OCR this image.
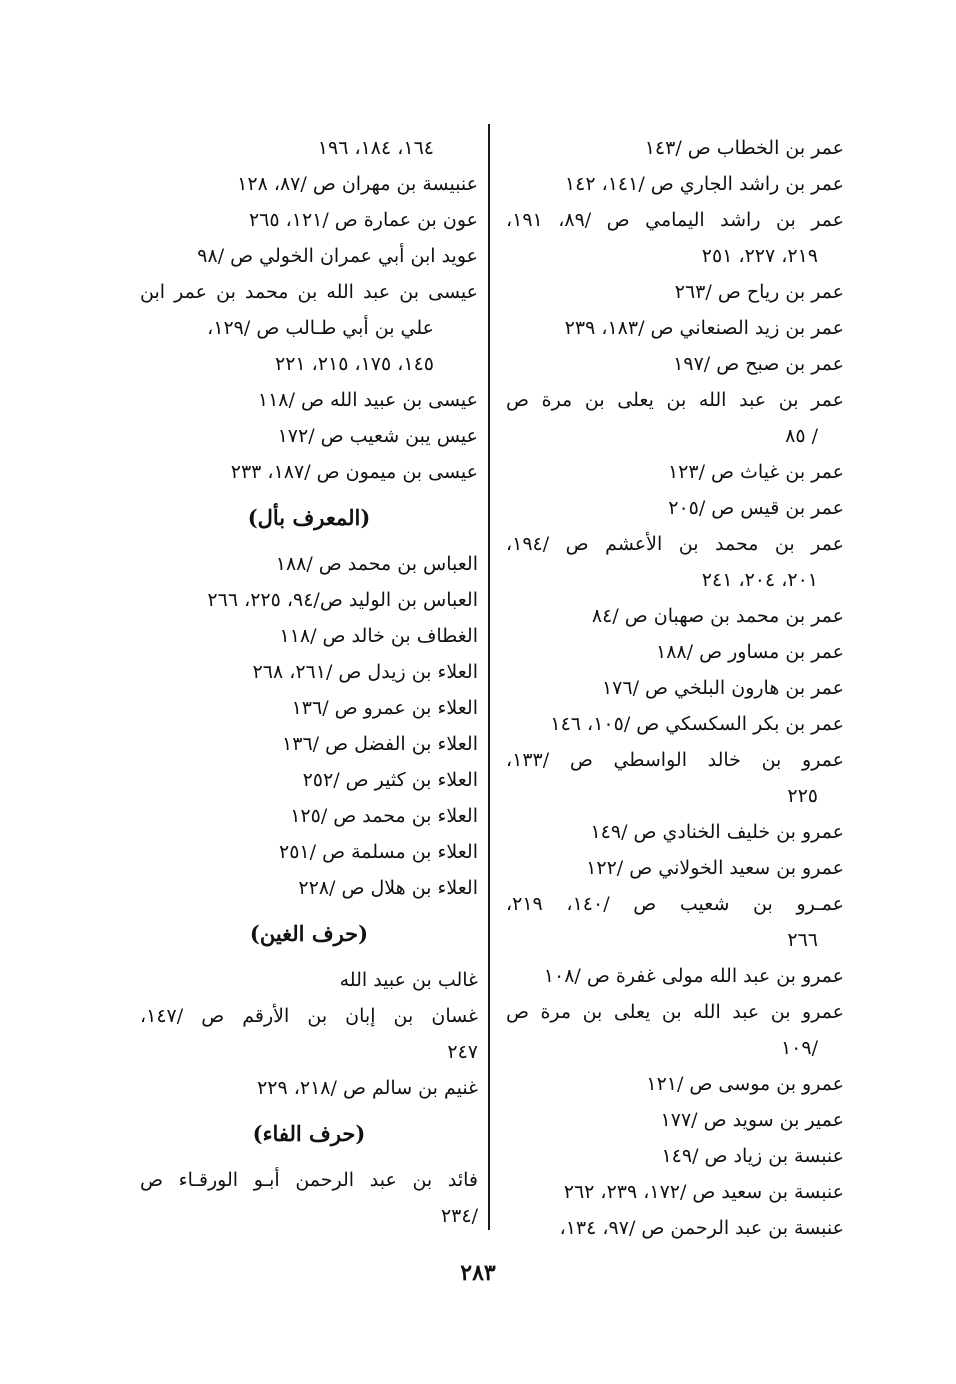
عمر بن الخطاب ص /١٤٣
عمر بن راشد الجاري ص /١٤١، ١٤٢
عمر بن راشد اليمامي ص /٨٩، ١٩١،
٢١٩، ٢٢٧، ٢٥١
عمر بن رياح ص /٢٦٣
عمر بن زيد الصنعاني ص /١٨٣، ٢٣٩
عمر بن صبح ص /١٩٧
عمر بن عبد الله بن يعلى بن مرة ص
/ ٨٥
عمر بن غياث ص /١٢٣
عمر بن قيس ص /٢٠٥
عمر بن محمد بن الأعشم ص /١٩٤،
٢٠١، ٢٠٤، ٢٤١
عمر بن محمد بن صهبان ص /٨٤
عمر بن مساور ص /١٨٨
عمر بن هارون البلخي ص /١٧٦
عمر بن بكر السكسكي ص /١٠٥، ١٤٦
عمرو بن خالد الواسطي ص /١٣٣،
٢٢٥
عمرو بن خليف الخنادي ص /١٤٩
عمرو بن سعيد الخولاني ص /١٢٢
عمـرو بن شعيب ص /١٤٠، ٢١٩،
٢٦٦
عمرو بن عبد الله مولى غفرة ص /١٠٨
عمرو بن عبد الله بن يعلى بن مرة ص
/١٠٩
عمرو بن موسى ص /١٢١
عمير بن سويد ص /١٧٧
عنبسة بن زياد ص /١٤٩
عنبسة بن سعيد ص /١٧٢، ٢٣٩، ٢٦٢
عنبسة بن عبد الرحمن ص /٩٧، ١٣٤،
١٦٤، ١٨٤، ١٩٦
عنبيسة بن مهران ص /٨٧، ١٢٨
عون بن عمارة ص /١٢١، ٢٦٥
عويد ابن أبي عمران الخولي ص /٩٨
عيسى بن عبد الله بن محمد بن عمر ابن
علي بن أبي طـالب ص /١٢٩،
١٤٥، ١٧٥، ٢١٥، ٢٢١
عيسى بن عبيد الله ص /١١٨
عيس يبن شعيب ص /١٧٢
عيسى بن ميمون ص /١٨٧، ٢٣٣
(المعرف بأل)
العباس بن محمد ص /١٨٨
العباس بن الوليد ص/٩٤، ٢٢٥، ٢٦٦
الغطاف بن خالد ص /١١٨
العلاء بن زيدل ص /٢٦١، ٢٦٨
العلاء بن عمرو ص /١٣٦
العلاء بن الفضل ص /١٣٦
العلاء بن كثير ص /٢٥٢
العلاء بن محمد ص /١٢٥
العلاء بن مسلمة ص /٢٥١
العلاء بن هلال ص /٢٢٨
(حرف الغين)
غالب بن عبيد الله
غسان بن إبان بن الأرقم ص /١٤٧،
٢٤٧
غنيم بن سالم ص /٢١٨، ٢٢٩
(حرف الفاء)
فائد بن عبد الرحمن أبـو الورقـاء ص
/٢٣٤
٢٨٣
